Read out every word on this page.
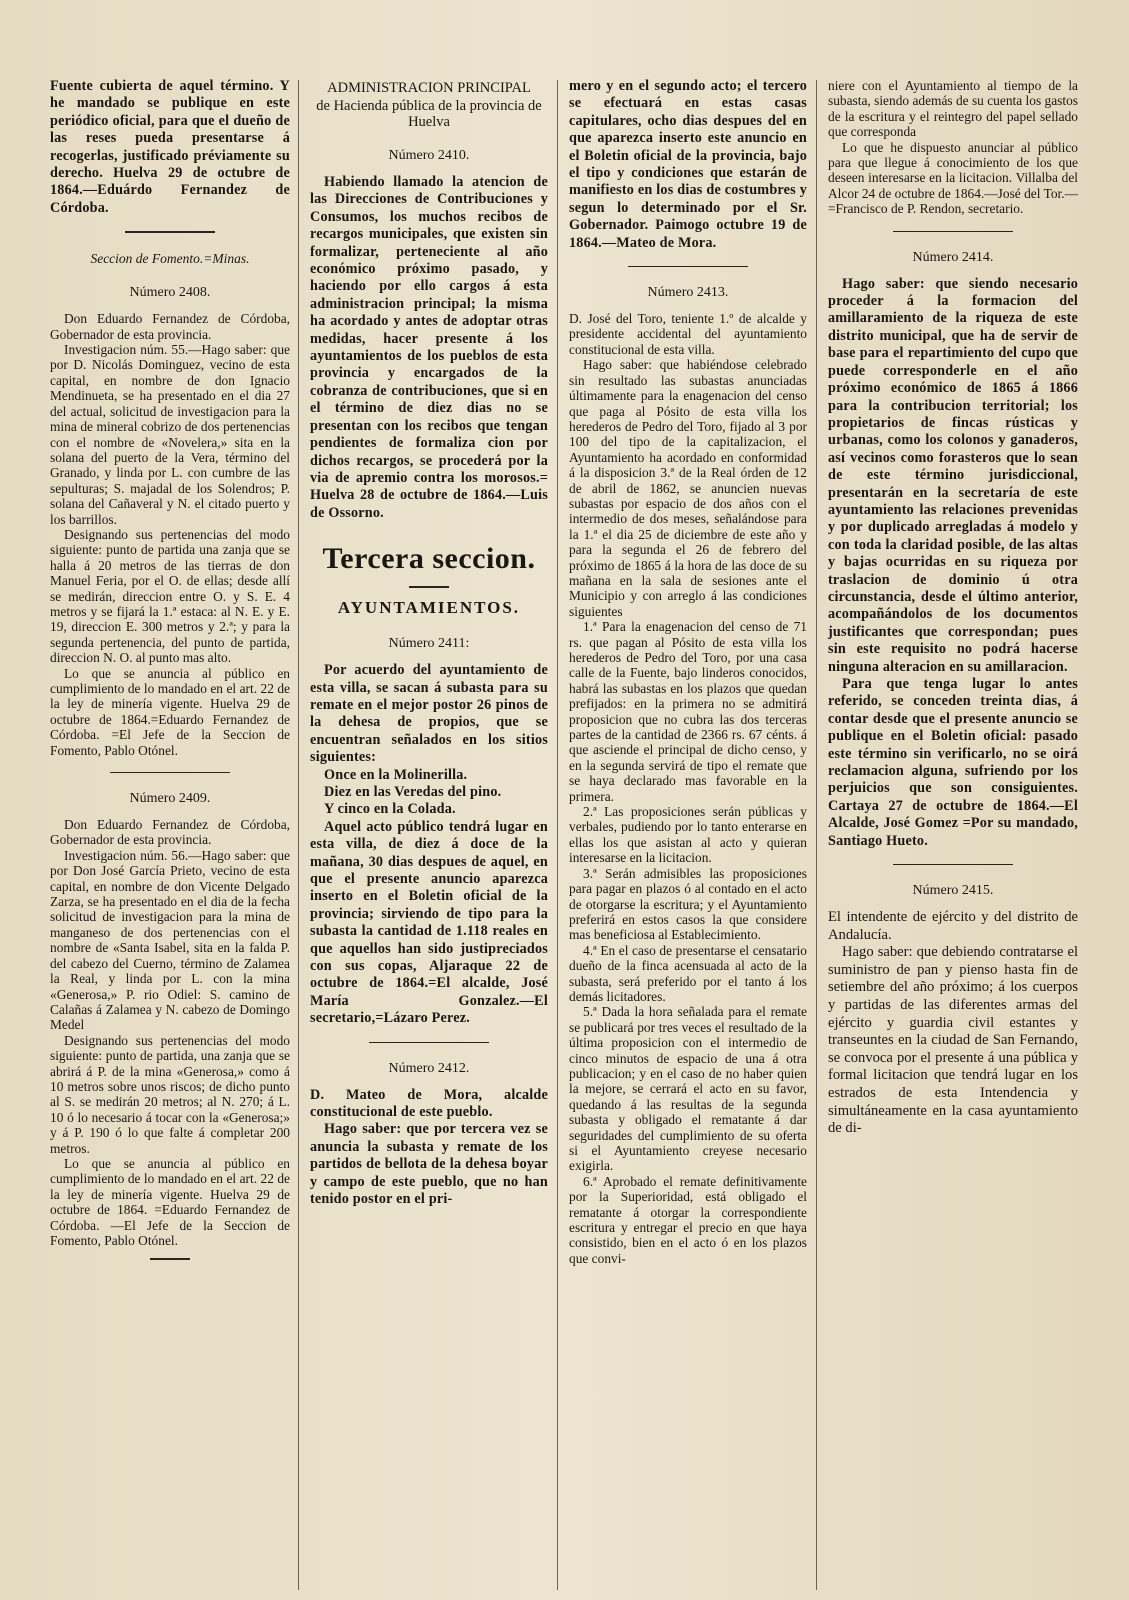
Fuente cubierta de aquel término. Y he mandado se publique en este periódico oficial, para que el dueño de las reses pueda presentarse á recogerlas, justificado préviamente su derecho. Huelva 29 de octubre de 1864.—Eduárdo Fernandez de Córdoba.

Seccion de Fomento.=Minas.
Número 2408.

Don Eduardo Fernandez de Córdoba, Gobernador de esta provincia.

Investigacion núm. 55.—Hago saber: que por D. Nicolás Dominguez, vecino de esta capital, en nombre de don Ignacio Mendinueta, se ha presentado en el dia 27 del actual, solicitud de investigacion para la mina de mineral cobrizo de dos pertenencias con el nombre de «Novelera,» sita en la solana del puerto de la Vera, término del Granado, y linda por L. con cumbre de las sepulturas; S. majadal de los Solendros; P. solana del Cañaveral y N. el citado puerto y los barrillos.

Designando sus pertenencias del modo siguiente: punto de partida una zanja que se halla á 20 metros de las tierras de don Manuel Feria, por el O. de ellas; desde allí se medirán, direccion entre O. y S. E. 4 metros y se fijará la 1.ª estaca: al N. E. y E. 19, direccion E. 300 metros y 2.ª; y para la segunda pertenencia, del punto de partida, direccion N. O. al punto mas alto.

Lo que se anuncia al público en cumplimiento de lo mandado en el art. 22 de la ley de minería vigente. Huelva 29 de octubre de 1864.=Eduardo Fernandez de Córdoba. =El Jefe de la Seccion de Fomento, Pablo Otónel.

Número 2409.

Don Eduardo Fernandez de Córdoba, Gobernador de esta provincia.

Investigacion núm. 56.—Hago saber: que por Don José García Prieto, vecino de esta capital, en nombre de don Vicente Delgado Zarza, se ha presentado en el dia de la fecha solicitud de investigacion para la mina de manganeso de dos pertenencias con el nombre de «Santa Isabel, sita en la falda P. del cabezo del Cuerno, término de Zalamea la Real, y linda por L. con la mina «Generosa,» P. rio Odiel: S. camino de Calañas á Zalamea y N. cabezo de Domingo Medel

Designando sus pertenencias del modo siguiente: punto de partida, una zanja que se abrirá á P. de la mina «Generosa,» como á 10 metros sobre unos riscos; de dicho punto al S. se medirán 20 metros; al N. 270; á L. 10 ó lo necesario á tocar con la «Generosa;» y á P. 190 ó lo que falte á completar 200 metros.

Lo que se anuncia al público en cumplimiento de lo mandado en el art. 22 de la ley de minería vigente. Huelva 29 de octubre de 1864. =Eduardo Fernandez de Córdoba. —El Jefe de la Seccion de Fomento, Pablo Otónel.

ADMINISTRACION PRINCIPAL
de Hacienda pública de la provincia de Huelva
Número 2410.

Habiendo llamado la atencion de las Direcciones de Contribuciones y Consumos, los muchos recibos de recargos municipales, que existen sin formalizar, perteneciente al año económico próximo pasado, y haciendo por ello cargos á esta administracion principal; la misma ha acordado y antes de adoptar otras medidas, hacer presente á los ayuntamientos de los pueblos de esta provincia y encargados de la cobranza de contribuciones, que si en el término de diez dias no se presentan con los recibos que tengan pendientes de formaliza cion por dichos recargos, se procederá por la via de apremio contra los morosos.= Huelva 28 de octubre de 1864.—Luis de Ossorno.

Tercera seccion.
AYUNTAMIENTOS.
Número 2411:

Por acuerdo del ayuntamiento de esta villa, se sacan á subasta para su remate en el mejor postor 26 pinos de la dehesa de propios, que se encuentran señalados en los sitios siguientes:

Once en la Molinerilla.

Diez en las Veredas del pino.

Y cinco en la Colada.

Aquel acto público tendrá lugar en esta villa, de diez á doce de la mañana, 30 dias despues de aquel, en que el presente anuncio aparezca inserto en el Boletin oficial de la provincia; sirviendo de tipo para la subasta la cantidad de 1.118 reales en que aquellos han sido justipreciados con sus copas, Aljaraque 22 de octubre de 1864.=El alcalde, José María Gonzalez.—El secretario,=Lázaro Perez.

Número 2412.

D. Mateo de Mora, alcalde constitucional de este pueblo.

Hago saber: que por tercera vez se anuncia la subasta y remate de los partidos de bellota de la dehesa boyar y campo de este pueblo, que no han tenido postor en el pri-

mero y en el segundo acto; el tercero se efectuará en estas casas capitulares, ocho dias despues del en que aparezca inserto este anuncio en el Boletin oficial de la provincia, bajo el tipo y condiciones que estarán de manifiesto en los dias de costumbres y segun lo determinado por el Sr. Gobernador. Paimogo octubre 19 de 1864.—Mateo de Mora.

Número 2413.

D. José del Toro, teniente 1.º de alcalde y presidente accidental del ayuntamiento constitucional de esta villa.

Hago saber: que habiéndose celebrado sin resultado las subastas anunciadas últimamente para la enagenacion del censo que paga al Pósito de esta villa los herederos de Pedro del Toro, fijado al 3 por 100 del tipo de la capitalizacion, el Ayuntamiento ha acordado en conformidad á la disposicion 3.ª de la Real órden de 12 de abril de 1862, se anuncien nuevas subastas por espacio de dos años con el intermedio de dos meses, señalándose para la 1.ª el dia 25 de diciembre de este año y para la segunda el 26 de febrero del próximo de 1865 á la hora de las doce de su mañana en la sala de sesiones ante el Municipio y con arreglo á las condiciones siguientes

1.ª Para la enagenacion del censo de 71 rs. que pagan al Pósito de esta villa los herederos de Pedro del Toro, por una casa calle de la Fuente, bajo linderos conocidos, habrá las subastas en los plazos que quedan prefijados: en la primera no se admitirá proposicion que no cubra las dos terceras partes de la cantidad de 2366 rs. 67 cénts. á que asciende el principal de dicho censo, y en la segunda servirá de tipo el remate que se haya declarado mas favorable en la primera.

2.ª Las proposiciones serán públicas y verbales, pudiendo por lo tanto enterarse en ellas los que asistan al acto y quieran interesarse en la licitacion.

3.ª Serán admisibles las proposiciones para pagar en plazos ó al contado en el acto de otorgarse la escritura; y el Ayuntamiento preferirá en estos casos la que considere mas beneficiosa al Establecimiento.

4.ª En el caso de presentarse el censatario dueño de la finca acensuada al acto de la subasta, será preferido por el tanto á los demás licitadores.

5.ª Dada la hora señalada para el remate se publicará por tres veces el resultado de la última proposicion con el intermedio de cinco minutos de espacio de una á otra publicacion; y en el caso de no haber quien la mejore, se cerrará el acto en su favor, quedando á las resultas de la segunda subasta y obligado el rematante á dar seguridades del cumplimiento de su oferta si el Ayuntamiento creyese necesario exigirla.

6.ª Aprobado el remate definitivamente por la Superioridad, está obligado el rematante á otorgar la correspondiente escritura y entregar el precio en que haya consistido, bien en el acto ó en los plazos que convi-

niere con el Ayuntamiento al tiempo de la subasta, siendo además de su cuenta los gastos de la escritura y el reintegro del papel sellado que corresponda

Lo que he dispuesto anunciar al público para que llegue á conocimiento de los que deseen interesarse en la licitacion. Villalba del Alcor 24 de octubre de 1864.—José del Tor.— =Francisco de P. Rendon, secretario.

Número 2414.

Hago saber: que siendo necesario proceder á la formacion del amillaramiento de la riqueza de este distrito municipal, que ha de servir de base para el repartimiento del cupo que puede corresponderle en el año próximo económico de 1865 á 1866 para la contribucion territorial; los propietarios de fincas rústicas y urbanas, como los colonos y ganaderos, así vecinos como forasteros que lo sean de este término jurisdiccional, presentarán en la secretaría de este ayuntamiento las relaciones prevenidas y por duplicado arregladas á modelo y con toda la claridad posible, de las altas y bajas ocurridas en su riqueza por traslacion de dominio ú otra circunstancia, desde el último anterior, acompañándolos de los documentos justificantes que correspondan; pues sin este requisito no podrá hacerse ninguna alteracion en su amillaracion.

Para que tenga lugar lo antes referido, se conceden treinta dias, á contar desde que el presente anuncio se publique en el Boletin oficial: pasado este término sin verificarlo, no se oirá reclamacion alguna, sufriendo por los perjuicios que son consiguientes. Cartaya 27 de octubre de 1864.—El Alcalde, José Gomez =Por su mandado, Santiago Hueto.

Número 2415.

El intendente de ejército y del distrito de Andalucía.

Hago saber: que debiendo contratarse el suministro de pan y pienso hasta fin de setiembre del año próximo; á los cuerpos y partidas de las diferentes armas del ejército y guardia civil estantes y transeuntes en la ciudad de San Fernando, se convoca por el presente á una pública y formal licitacion que tendrá lugar en los estrados de esta Intendencia y simultáneamente en la casa ayuntamiento de di-
